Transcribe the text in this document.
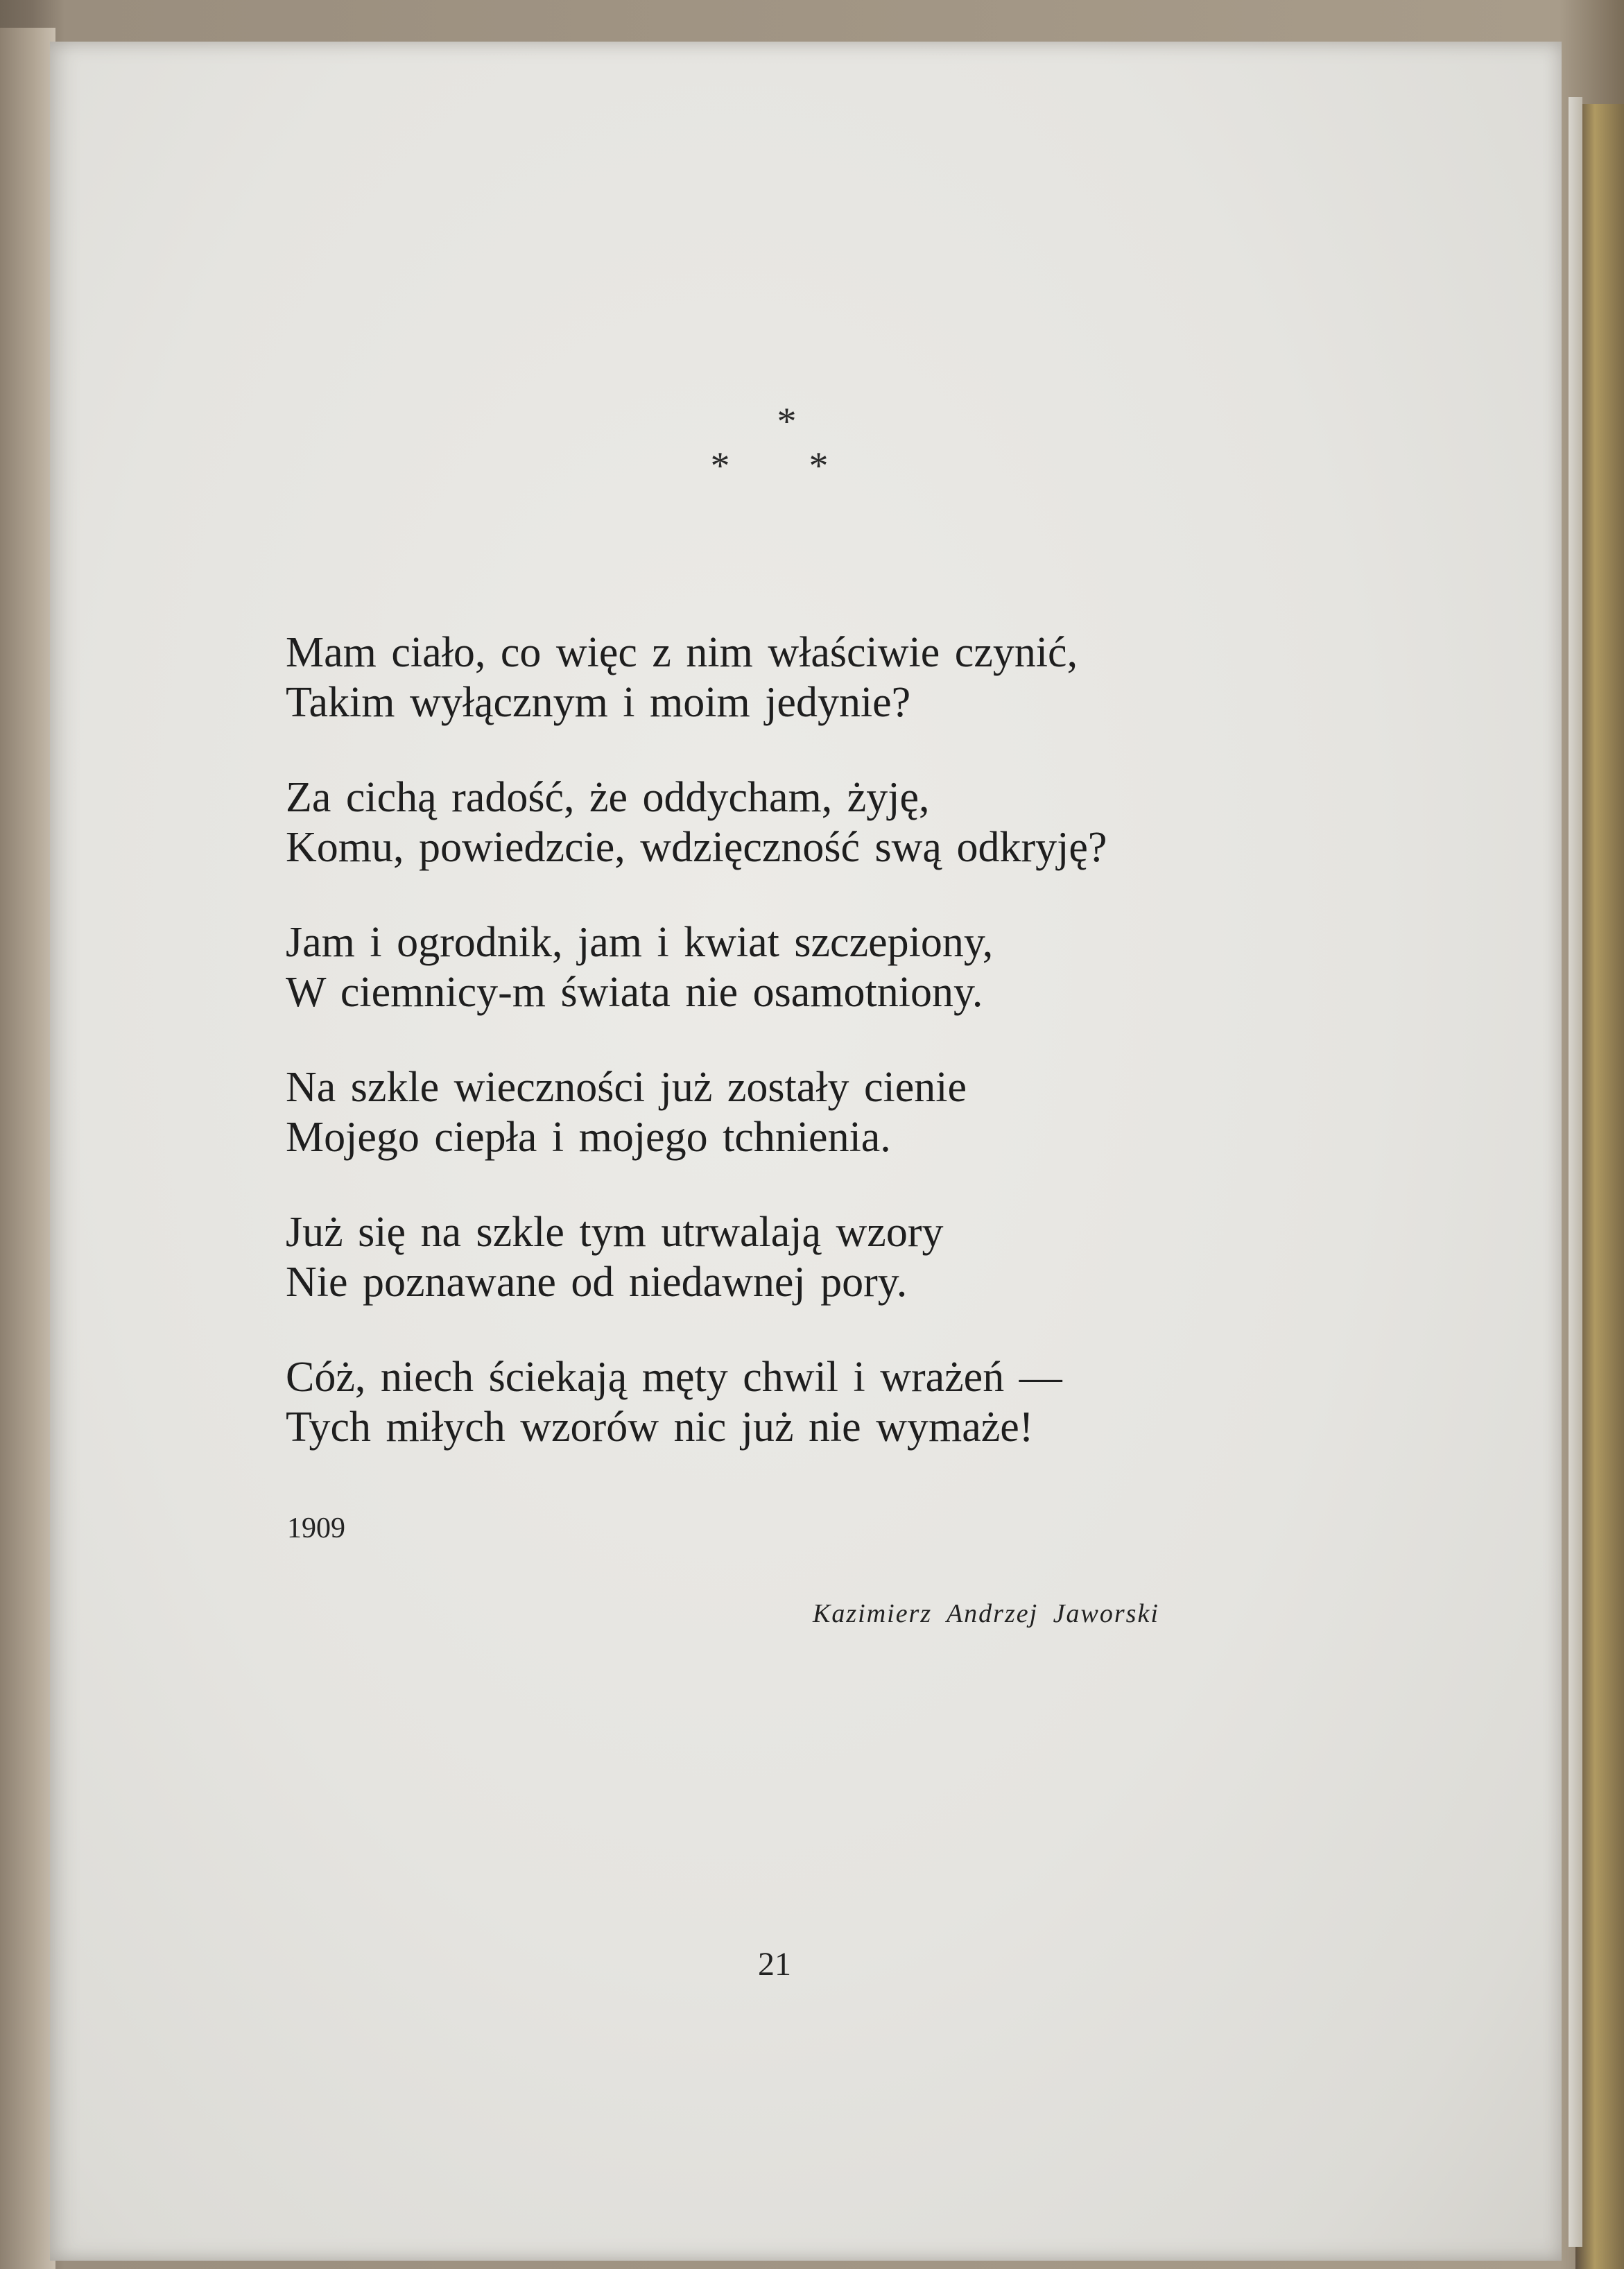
*
* *
Mam ciało, co więc z nim właściwie czynić,
Takim wyłącznym i moim jedynie?
Za cichą radość, że oddycham, żyję,
Komu, powiedzcie, wdzięczność swą odkryję?
Jam i ogrodnik, jam i kwiat szczepiony,
W ciemnicy-m świata nie osamotniony.
Na szkle wieczności już zostały cienie
Mojego ciepła i mojego tchnienia.
Już się na szkle tym utrwalają wzory
Nie poznawane od niedawnej pory.
Cóż, niech ściekają męty chwil i wrażeń —
Tych miłych wzorów nic już nie wymaże!
1909
Kazimierz Andrzej Jaworski
21
